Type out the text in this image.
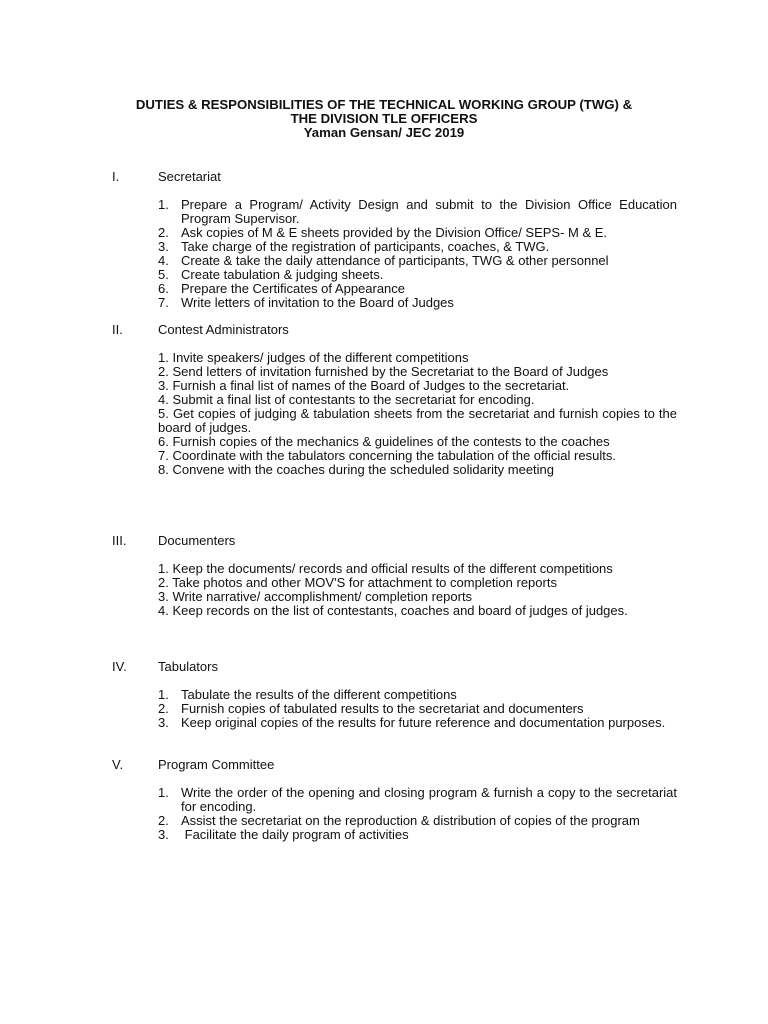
DUTIES & RESPONSIBILITIES OF THE TECHNICAL WORKING GROUP (TWG) &
THE DIVISION TLE OFFICERS
Yaman Gensan/ JEC 2019
I.	Secretariat
1. Prepare a Program/ Activity Design and submit to the Division Office Education Program Supervisor.
2. Ask copies of M & E sheets provided by the Division Office/ SEPS- M & E.
3. Take charge of the registration of participants, coaches, & TWG.
4. Create & take the daily attendance of participants, TWG & other personnel
5. Create tabulation & judging sheets.
6. Prepare the Certificates of Appearance
7. Write letters of invitation to the Board of Judges
II.	Contest Administrators
1. Invite speakers/ judges of the different competitions
2. Send letters of invitation furnished by the Secretariat to the Board of Judges
3. Furnish a final list of names of the Board of Judges to the secretariat.
4. Submit a final list of contestants to the secretariat for encoding.
5. Get copies of judging & tabulation sheets from the secretariat and furnish copies to the board of judges.
6. Furnish copies of the mechanics & guidelines of the contests to the coaches
7. Coordinate with the tabulators concerning the tabulation of the official results.
8. Convene with the coaches during the scheduled solidarity meeting
III. Documenters
1. Keep the documents/ records and official results of the different competitions
2. Take photos and other MOV'S for attachment to completion reports
3. Write narrative/ accomplishment/ completion reports
4. Keep records on the list of contestants, coaches and board of judges of judges.
IV. Tabulators
1. Tabulate the results of the different competitions
2. Furnish copies of tabulated results to the secretariat and documenters
3. Keep original copies of the results for future reference and documentation purposes.
V.	Program Committee
1. Write the order of the opening and closing program & furnish a copy to the secretariat for encoding.
2. Assist the secretariat on the reproduction & distribution of copies of the program
3. Facilitate the daily program of activities
